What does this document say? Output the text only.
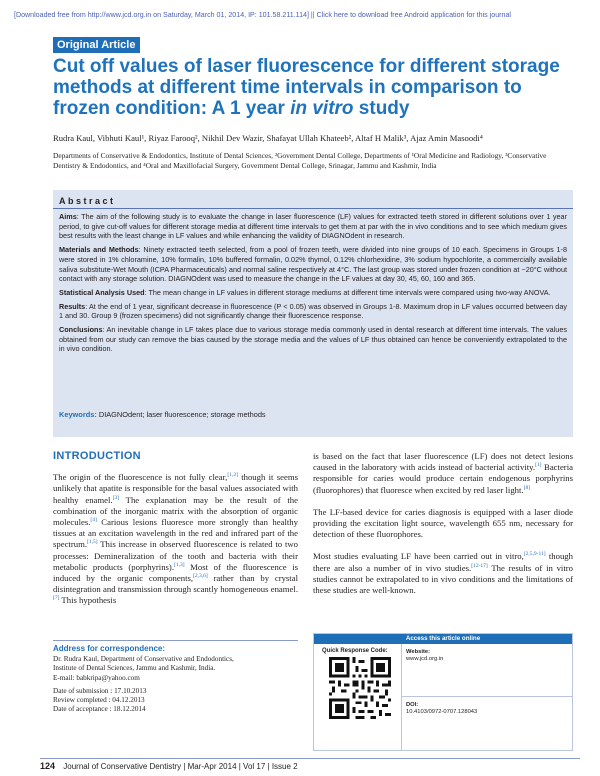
[Downloaded free from http://www.jcd.org.in on Saturday, March 01, 2014, IP: 101.58.211.114] || Click here to download free Android application for this journal
Original Article
Cut off values of laser fluorescence for different storage methods at different time intervals in comparison to frozen condition: A 1 year in vitro study
Rudra Kaul, Vibhuti Kaul¹, Riyaz Farooq², Nikhil Dev Wazir, Shafayat Ullah Khateeb², Altaf H Malik³, Ajaz Amin Masoodi⁴
Departments of Conservative & Endodontics, Institute of Dental Sciences, ²Government Dental College, Departments of ¹Oral Medicine and Radiology, ³Conservative Dentistry & Endodontics, and ⁴Oral and Maxillofacial Surgery, Government Dental College, Srinagar, Jammu and Kashmir, India
Abstract

Aims: The aim of the following study is to evaluate the change in laser fluorescence (LF) values for extracted teeth stored in different solutions over 1 year period, to give cut-off values for different storage media at different time intervals to get them at par with the in vivo conditions and to see which medium gives best results with the least change in LF values and while enhancing the validity of DIAGNOdent in research.

Materials and Methods: Ninety extracted teeth selected, from a pool of frozen teeth, were divided into nine groups of 10 each. Specimens in Groups 1-8 were stored in 1% chloramine, 10% formalin, 10% buffered formalin, 0.02% thymol, 0.12% chlorhexidine, 3% sodium hypochlorite, a commercially available saliva substitute-Wet Mouth (ICPA Pharmaceuticals) and normal saline respectively at 4°C. The last group was stored under frozen condition at −20°C without contact with any storage solution. DIAGNOdent was used to measure the change in the LF values at day 30, 45, 60, 160 and 365.

Statistical Analysis Used: The mean change in LF values in different storage mediums at different time intervals were compared using two-way ANOVA.

Results: At the end of 1 year, significant decrease in fluorescence (P < 0.05) was observed in Groups 1-8. Maximum drop in LF values occurred between day 1 and 30. Group 9 (frozen specimens) did not significantly change their fluorescence response.

Conclusions: An inevitable change in LF takes place due to various storage media commonly used in dental research at different time intervals. The values obtained from our study can remove the bias caused by the storage media and the values of LF thus obtained can hence be conveniently extrapolated to the in vivo condition.

Keywords: DIAGNOdent; laser fluorescence; storage methods
INTRODUCTION

The origin of the fluorescence is not fully clear,[1,2] though it seems unlikely that apatite is responsible for the basal values associated with healthy enamel.[3] The explanation may be the result of the combination of the inorganic matrix with the absorption of organic molecules.[4] Carious lesions fluoresce more strongly than healthy tissues at an excitation wavelength in the red and infrared part of the spectrum.[1,5] This increase in observed fluorescence is related to two processes: Demineralization of the tooth and bacteria with their metabolic products (porphyrins).[1,3] Most of the fluorescence is induced by the organic components,[2,3,6] rather than by crystal disintegration and transmission through scantly homogeneous enamel.[7] This hypothesis

is based on the fact that laser fluorescence (LF) does not detect lesions caused in the laboratory with acids instead of bacterial activity.[1] Bacteria responsible for caries would produce certain endogenous porphyrins (fluorophores) that fluoresce when excited by red laser light.[8]

The LF-based device for caries diagnosis is equipped with a laser diode providing the excitation light source, wavelength 655 nm, necessary for detection of these fluorophores.

Most studies evaluating LF have been carried out in vitro,[2,5,9-11] though there are also a number of in vivo studies.[12-17] The results of in vitro studies cannot be extrapolated to in vivo conditions and the limitations of these studies are well-known.

Address for correspondence:
Dr. Rudra Kaul, Department of Conservative and Endodontics,
Institute of Dental Sciences, Jammu and Kashmir, India.
E-mail: babkripa@yahoo.com
Date of submission : 17.10.2013
Review completed : 04.12.2013
Date of acceptance : 18.12.2014
Access this article online
Quick Response Code:	Website:
www.jcd.org.in
DOI:
10.4103/0972-0707.128043
124 Journal of Conservative Dentistry | Mar-Apr 2014 | Vol 17 | Issue 2
